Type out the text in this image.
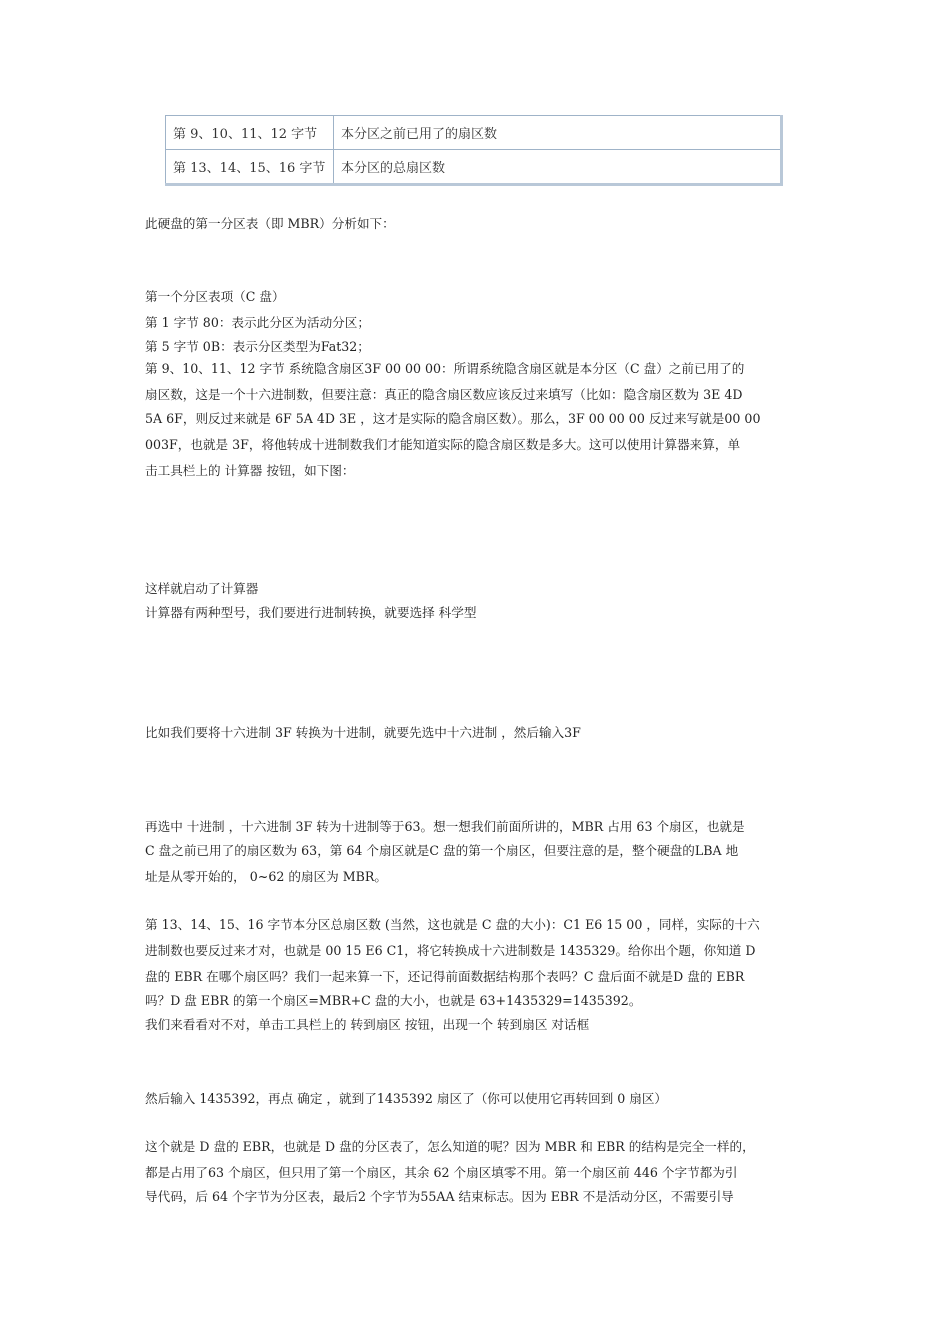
第 9、10、11、12 字节	本分区之前已用了的扇区数
第 13、14、15、16 字节	本分区的总扇区数

此硬盘的第一分区表（即 MBR）分析如下：

第一个分区表项（C 盘）

第 1 字节 80：表示此分区为活动分区；

第 5 字节 0B：表示分区类型为Fat32；

第 9、10、11、12 字节 系统隐含扇区3F 00 00 00：所谓系统隐含扇区就是本分区（C 盘）之前已用了的

扇区数，这是一个十六进制数，但要注意：真正的隐含扇区数应该反过来填写（比如：隐含扇区数为 3E 4D

5A 6F，则反过来就是 6F 5A 4D 3E ，这才是实际的隐含扇区数）。那么，3F 00 00 00 反过来写就是00 00

003F，也就是 3F，将他转成十进制数我们才能知道实际的隐含扇区数是多大。这可以使用计算器来算，单

击工具栏上的 计算器 按钮，如下图：

这样就启动了计算器

计算器有两种型号，我们要进行进制转换，就要选择 科学型

比如我们要将十六进制 3F 转换为十进制，就要先选中十六进制 ，然后输入3F

再选中 十进制 ，十六进制 3F 转为十进制等于63。想一想我们前面所讲的，MBR 占用 63 个扇区，也就是

C 盘之前已用了的扇区数为 63，第 64 个扇区就是C 盘的第一个扇区，但要注意的是，整个硬盘的LBA 地

址是从零开始的， 0~62 的扇区为 MBR。

第 13、14、15、16 字节本分区总扇区数 (当然，这也就是 C 盘的大小)：C1 E6 15 00 ，同样，实际的十六

进制数也要反过来才对，也就是 00 15 E6 C1，将它转换成十六进制数是 1435329。给你出个题，你知道 D

盘的 EBR 在哪个扇区吗？我们一起来算一下，还记得前面数据结构那个表吗？C 盘后面不就是D 盘的 EBR

吗？D 盘 EBR 的第一个扇区=MBR+C 盘的大小，也就是 63+1435329=1435392。

我们来看看对不对，单击工具栏上的 转到扇区 按钮，出现一个 转到扇区 对话框

然后输入 1435392，再点 确定 ，就到了1435392 扇区了（你可以使用它再转回到 0 扇区）

这个就是 D 盘的 EBR，也就是 D 盘的分区表了，怎么知道的呢？因为 MBR 和 EBR 的结构是完全一样的，

都是占用了63 个扇区，但只用了第一个扇区，其余 62 个扇区填零不用。第一个扇区前 446 个字节都为引

导代码，后 64 个字节为分区表，最后2 个字节为55AA 结束标志。因为 EBR 不是活动分区，不需要引导
